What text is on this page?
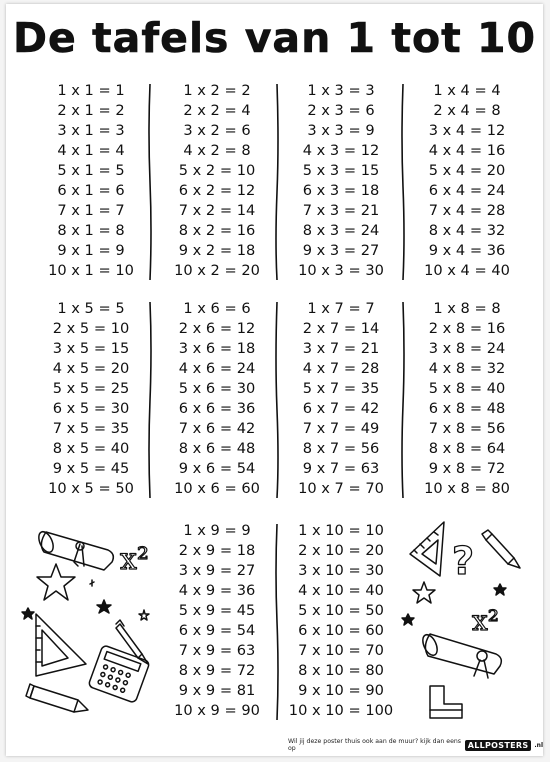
De tafels van 1 tot 10
1 x 1 = 1
2 x 1 = 2
3 x 1 = 3
4 x 1 = 4
5 x 1 = 5
6 x 1 = 6
7 x 1 = 7
8 x 1 = 8
9 x 1 = 9
10 x 1 = 10
1 x 2 = 2
2 x 2 = 4
3 x 2 = 6
4 x 2 = 8
5 x 2 = 10
6 x 2 = 12
7 x 2 = 14
8 x 2 = 16
9 x 2 = 18
10 x 2 = 20
1 x 3 = 3
2 x 3 = 6
3 x 3 = 9
4 x 3 = 12
5 x 3 = 15
6 x 3 = 18
7 x 3 = 21
8 x 3 = 24
9 x 3 = 27
10 x 3 = 30
1 x 4 = 4
2 x 4 = 8
3 x 4 = 12
4 x 4 = 16
5 x 4 = 20
6 x 4 = 24
7 x 4 = 28
8 x 4 = 32
9 x 4 = 36
10 x 4 = 40
1 x 5 = 5
2 x 5 = 10
3 x 5 = 15
4 x 5 = 20
5 x 5 = 25
6 x 5 = 30
7 x 5 = 35
8 x 5 = 40
9 x 5 = 45
10 x 5 = 50
1 x 6 = 6
2 x 6 = 12
3 x 6 = 18
4 x 6 = 24
5 x 6 = 30
6 x 6 = 36
7 x 6 = 42
8 x 6 = 48
9 x 6 = 54
10 x 6 = 60
1 x 7 = 7
2 x 7 = 14
3 x 7 = 21
4 x 7 = 28
5 x 7 = 35
6 x 7 = 42
7 x 7 = 49
8 x 7 = 56
9 x 7 = 63
10 x 7 = 70
1 x 8 = 8
2 x 8 = 16
3 x 8 = 24
4 x 8 = 32
5 x 8 = 40
6 x 8 = 48
7 x 8 = 56
8 x 8 = 64
9 x 8 = 72
10 x 8 = 80
1 x 9 = 9
2 x 9 = 18
3 x 9 = 27
4 x 9 = 36
5 x 9 = 45
6 x 9 = 54
7 x 9 = 63
8 x 9 = 72
9 x 9 = 81
10 x 9 = 90
1 x 10 = 10
2 x 10 = 20
3 x 10 = 30
4 x 10 = 40
5 x 10 = 50
6 x 10 = 60
7 x 10 = 70
8 x 10 = 80
9 x 10 = 90
10 x 10 = 100
x²	?
x²
Wil jij deze poster thuis ook aan de muur? kijk dan eens op	ALLPOSTERS	.nl
